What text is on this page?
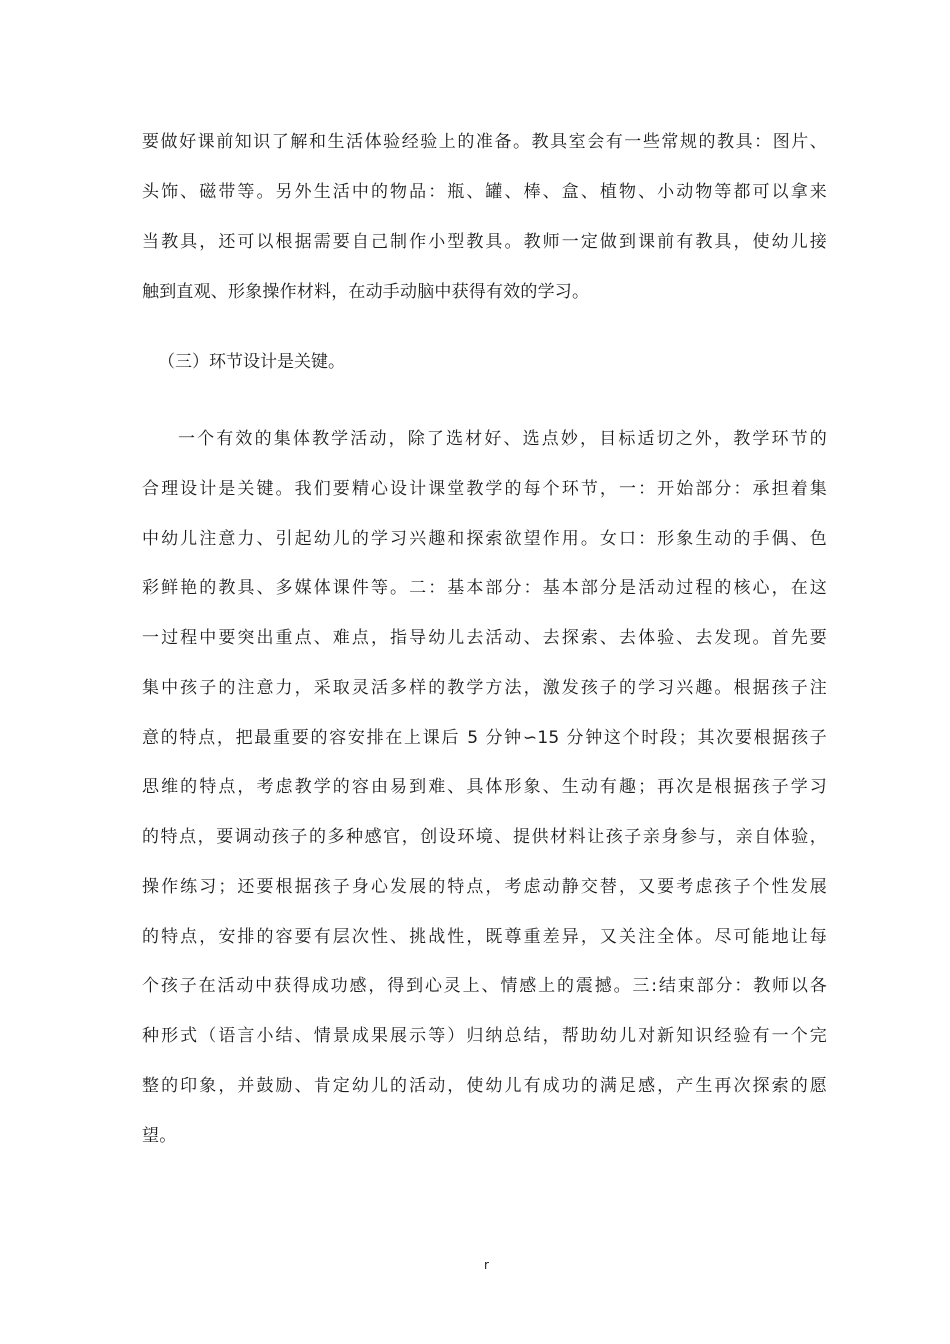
要做好课前知识了解和生活体验经验上的准备。教具室会有一些常规的教具：图片、
头饰、磁带等。另外生活中的物品：瓶、罐、棒、盒、植物、小动物等都可以拿来
当教具，还可以根据需要自己制作小型教具。教师一定做到课前有教具，使幼儿接
触到直观、形象操作材料，在动手动脑中获得有效的学习。
（三）环节设计是关键。
一个有效的集体教学活动，除了选材好、选点妙，目标适切之外，教学环节的
合理设计是关键。我们要精心设计课堂教学的每个环节，一：开始部分：承担着集
中幼儿注意力、引起幼儿的学习兴趣和探索欲望作用。女口：形象生动的手偶、色
彩鲜艳的教具、多媒体课件等。二：基本部分：基本部分是活动过程的核心，在这
一过程中要突出重点、难点，指导幼儿去活动、去探索、去体验、去发现。首先要
集中孩子的注意力，采取灵活多样的教学方法，激发孩子的学习兴趣。根据孩子注
意的特点，把最重要的容安排在上课后 5 分钟∽15 分钟这个时段；其次要根据孩子
思维的特点，考虑教学的容由易到难、具体形象、生动有趣；再次是根据孩子学习
的特点，要调动孩子的多种感官，创设环境、提供材料让孩子亲身参与，亲自体验，
操作练习；还要根据孩子身心发展的特点，考虑动静交替，又要考虑孩子个性发展
的特点，安排的容要有层次性、挑战性，既尊重差异，又关注全体。尽可能地让每
个孩子在活动中获得成功感，得到心灵上、情感上的震撼。三:结束部分：教师以各
种形式（语言小结、情景成果展示等）归纳总结，帮助幼儿对新知识经验有一个完
整的印象，并鼓励、肯定幼儿的活动，使幼儿有成功的满足感，产生再次探索的愿
望。
r
